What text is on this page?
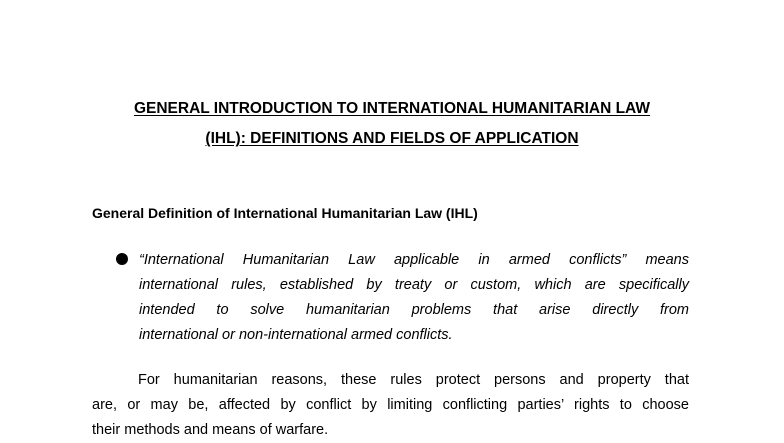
GENERAL INTRODUCTION TO INTERNATIONAL HUMANITARIAN LAW
(IHL): DEFINITIONS AND FIELDS OF APPLICATION
General Definition of International Humanitarian Law (IHL)
“International Humanitarian Law applicable in armed conflicts” means
international rules, established by treaty or custom, which are specifically
intended to solve humanitarian problems that arise directly from
international or non-international armed conflicts.
For humanitarian reasons, these rules protect persons and property that
are, or may be, affected by conflict by limiting conflicting parties’ rights to choose
their methods and means of warfare.
